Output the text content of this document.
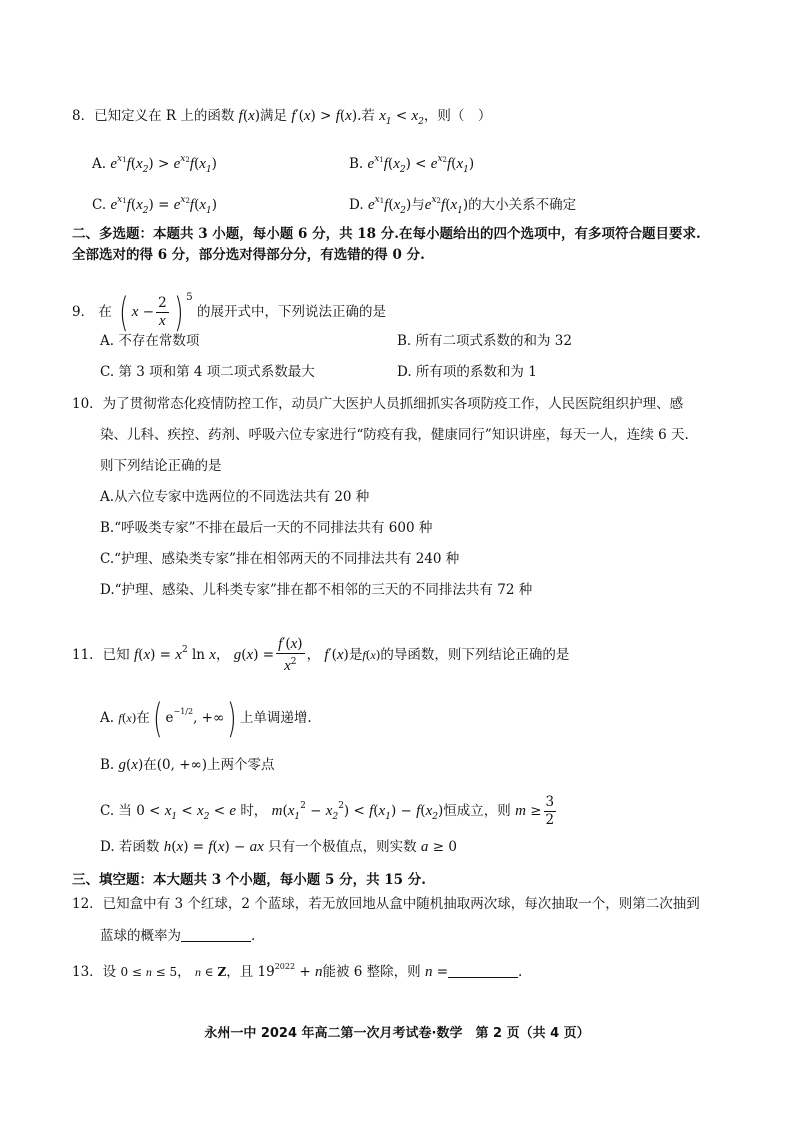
8．已知定义在 R 上的函数 f(x)满足 f′(x) > f(x).若 $x_1 < x_2$，则（　）
A. $e^{x1}f(x_2) > e^{x2}f(x_1)$	B. $e^{x1}f(x_2) < e^{x2}f(x_1)$
C. $e^{x1}f(x_2) = e^{x2}f(x_1)$	D. $e^{x1}f(x_2)$与$e^{x2}f(x_1)$的大小关系不确定
二、多选题：本题共 3 小题，每小题 6 分，共 18 分.在每小题给出的四个选项中，有多项符合题目要求.
全部选对的得 6 分，部分选对得部分分，有选错的得 0 分.
9． 在 ( $x - \frac{2}{x}$ ) $^5$ 的展开式中，下列说法正确的是
A. 不存在常数项	B. 所有二项式系数的和为 32
C. 第 3 项和第 4 项二项式系数最大	D. 所有项的系数和为 1
10．为了贯彻常态化疫情防控工作，动员广大医护人员抓细抓实各项防疫工作，人民医院组织护理、感
染、儿科、疾控、药剂、呼吸六位专家进行“防疫有我，健康同行”知识讲座，每天一人，连续 6 天.
则下列结论正确的是
A.从六位专家中选两位的不同选法共有 20 种
B.“呼吸类专家”不排在最后一天的不同排法共有 600 种
C.“护理、感染类专家”排在相邻两天的不同排法共有 240 种
D.“护理、感染、儿科类专家”排在都不相邻的三天的不同排法共有 72 种
11．已知 $f(x) = x^2$ ln x， $g(x) = \frac{f'(x)}{x^2}$ ， f′(x)是f(x)的导函数，则下列结论正确的是
A. f(x)在( $e^{-1/2}$, +∞) 上单调递增.
B. g(x)在(0, +∞)上两个零点
C. 当 $0 < x_1 < x_2 < e$ 时， $m(x_1^2 - x_2^2) < f(x_1) - f(x_2)$恒成立，则 $m \ge \frac{3}{2}$
D. 若函数 h(x) = f(x) − ax 只有一个极值点，则实数 a ≥ 0
三、填空题：本大题共 3 个小题，每小题 5 分，共 15 分.
12．已知盒中有 3 个红球，2 个蓝球，若无放回地从盒中随机抽取两次球，每次抽取一个，则第二次抽到
蓝球的概率为	.
13．设 0 ≤ n ≤ 5， n ∈ Z，且 $19^{2022} + n$能被 6 整除，则 n =	.
永州一中 2024 年高二第一次月考试卷·数学　第 2 页（共 4 页）
